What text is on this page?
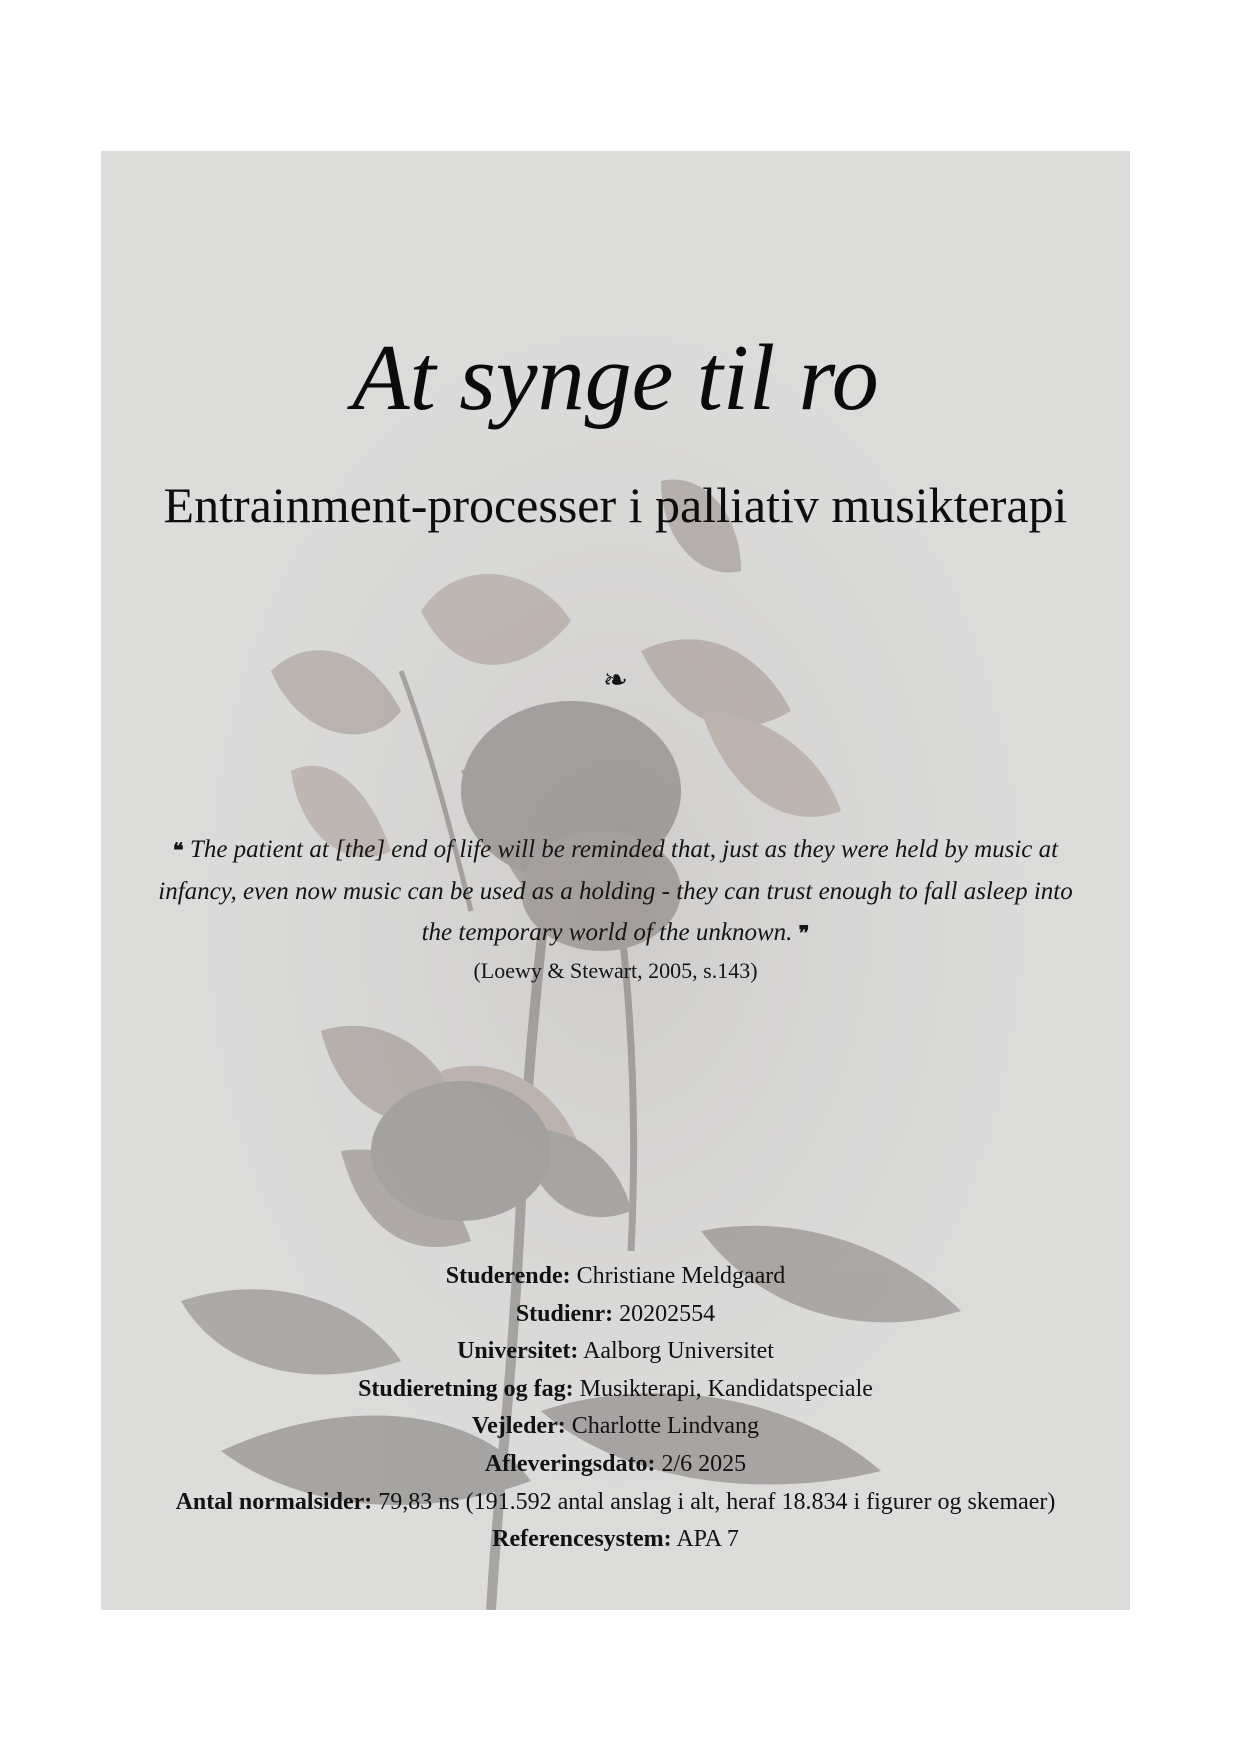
At synge til ro
Entrainment-processer i palliativ musikterapi
❧
❝ The patient at [the] end of life will be reminded that, just as they were held by music at infancy, even now music can be used as a holding - they can trust enough to fall asleep into the temporary world of the unknown. ❞
(Loewy & Stewart, 2005, s.143)
Studerende: Christiane Meldgaard
Studienr: 20202554
Universitet: Aalborg Universitet
Studieretning og fag: Musikterapi, Kandidatspeciale
Vejleder: Charlotte Lindvang
Afleveringsdato: 2/6 2025
Antal normalsider: 79,83 ns (191.592 antal anslag i alt, heraf 18.834 i figurer og skemaer)
Referencesystem: APA 7
